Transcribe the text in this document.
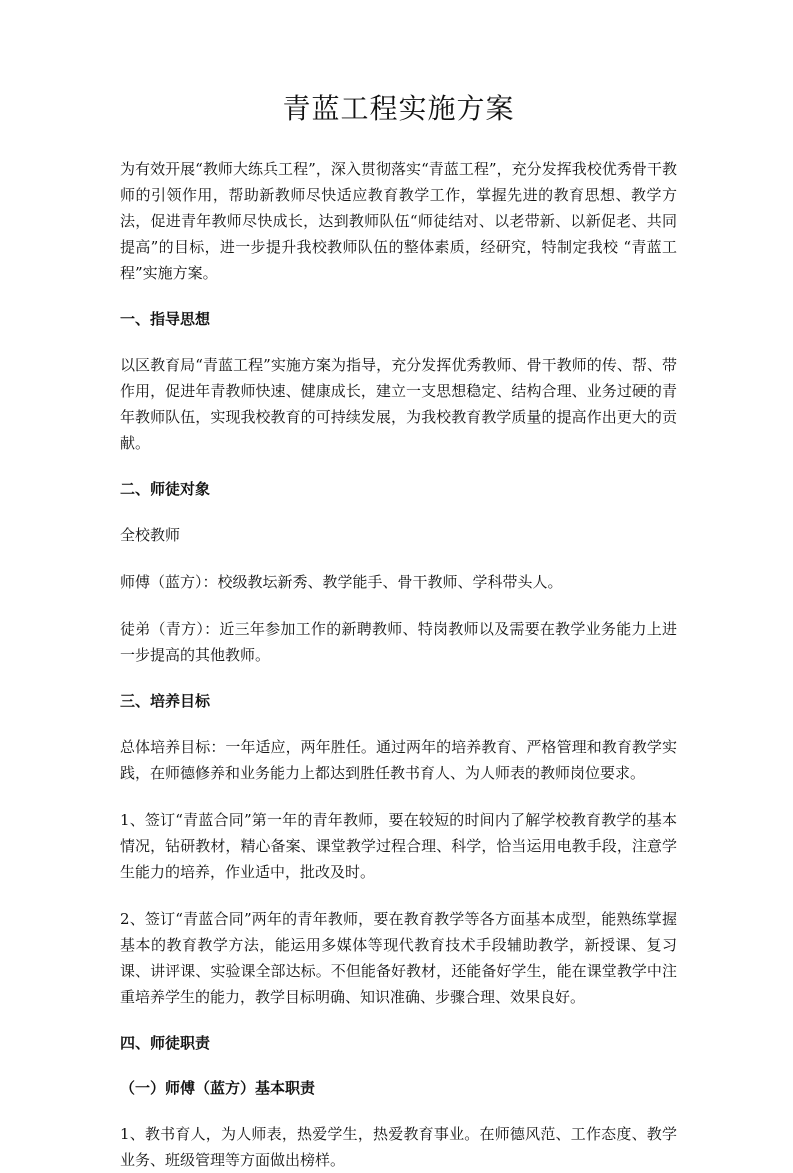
青蓝工程实施方案

为有效开展“教师大练兵工程”，深入贯彻落实“青蓝工程”，充分发挥我校优秀骨干教师的引领作用，帮助新教师尽快适应教育教学工作，掌握先进的教育思想、教学方法，促进青年教师尽快成长，达到教师队伍“师徒结对、以老带新、以新促老、共同提高”的目标，进一步提升我校教师队伍的整体素质，经研究，特制定我校 “青蓝工程”实施方案。

一、指导思想

以区教育局“青蓝工程”实施方案为指导，充分发挥优秀教师、骨干教师的传、帮、带作用，促进年青教师快速、健康成长，建立一支思想稳定、结构合理、业务过硬的青年教师队伍，实现我校教育的可持续发展，为我校教育教学质量的提高作出更大的贡献。

二、师徒对象

全校教师

师傅（蓝方）：校级教坛新秀、教学能手、骨干教师、学科带头人。

徒弟（青方）：近三年参加工作的新聘教师、特岗教师以及需要在教学业务能力上进一步提高的其他教师。

三、培养目标

总体培养目标：一年适应，两年胜任。通过两年的培养教育、严格管理和教育教学实践，在师德修养和业务能力上都达到胜任教书育人、为人师表的教师岗位要求。

1、签订“青蓝合同”第一年的青年教师，要在较短的时间内了解学校教育教学的基本情况，钻研教材，精心备案、课堂教学过程合理、科学，恰当运用电教手段，注意学生能力的培养，作业适中，批改及时。

2、签订“青蓝合同”两年的青年教师，要在教育教学等各方面基本成型，能熟练掌握基本的教育教学方法，能运用多媒体等现代教育技术手段辅助教学，新授课、复习课、讲评课、实验课全部达标。不但能备好教材，还能备好学生，能在课堂教学中注重培养学生的能力，教学目标明确、知识准确、步骤合理、效果良好。

四、师徒职责

（一）师傅（蓝方）基本职责

1、教书育人，为人师表，热爱学生，热爱教育事业。在师德风范、工作态度、教学业务、班级管理等方面做出榜样。
